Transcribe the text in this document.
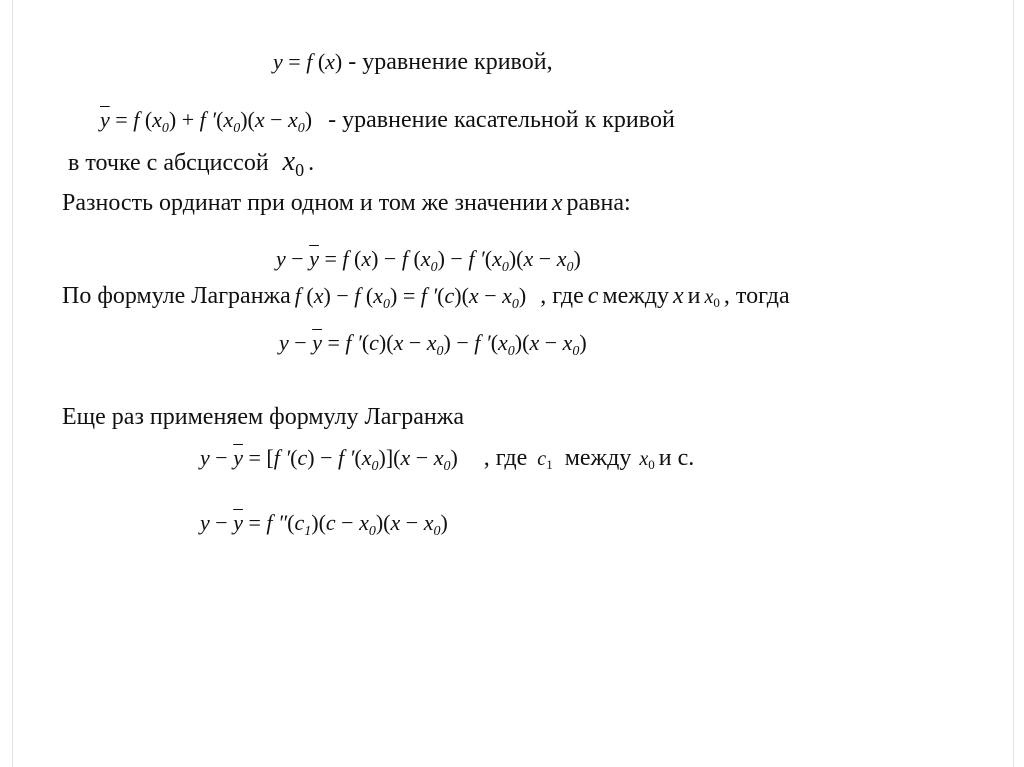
y = f (x) - уравнение кривой,
$\overline{y} = f$ $(x_0) + f$ $'(x_0)(x - x_0)$ - уравнение касательной к кривой
в точке с абсциссой $x_0$ .
Разность ординат при одном и том же значении x равна:
$y - \overline{y} = f$ (x) − f $(x_0) - f$ $'(x_0)(x - x_0)$
По формуле Лагранжа f (x) − f $(x_0) = f$ $'(c)(x - x_0)$ , где c между x и $x_0$ , тогда
$y - \overline{y} = f$ $'(c)(x - x_0) - f$ $'(x_0)(x - x_0)$
Еще раз применяем формулу Лагранжа
$y - \overline{y} = [f$ ′(c) − f $'(x_0)](x - x_0)$ , где $c_1$ между $x_0$ и с.
$y - \overline{y} = f$ $''(c_1)(c - x_0)(x - x_0)$
